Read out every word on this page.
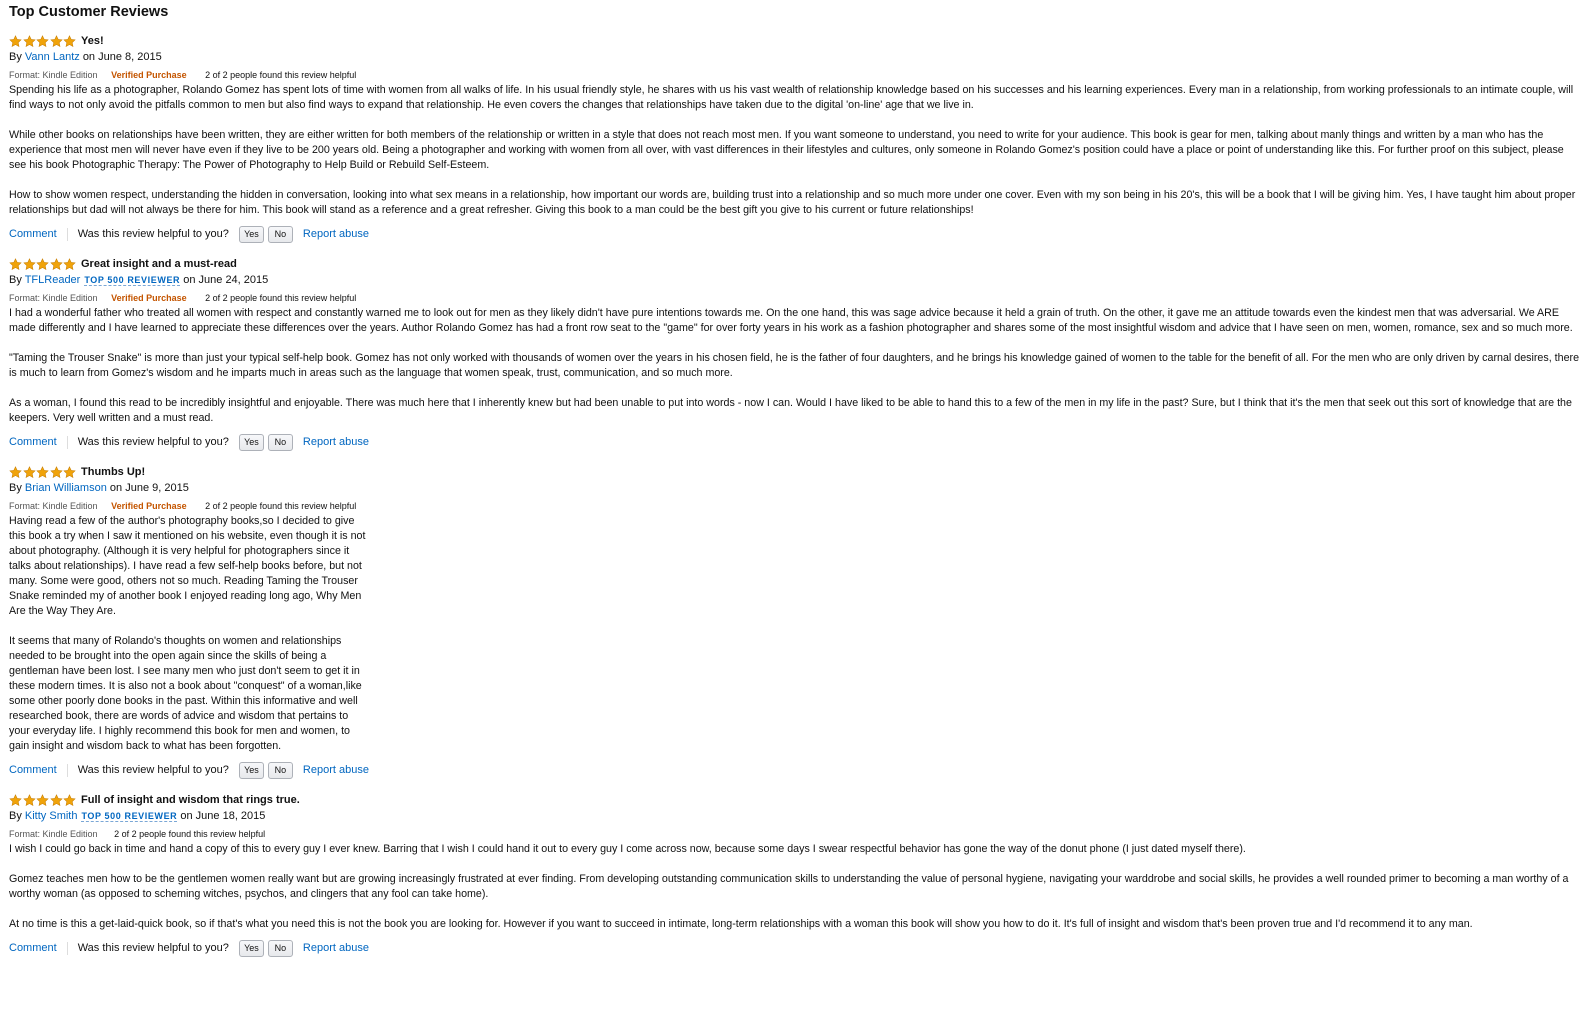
Top Customer Reviews
Yes!
By Vann Lantz on June 8, 2015
Format: Kindle Edition Verified Purchase 2 of 2 people found this review helpful

Spending his life as a photographer, Rolando Gomez has spent lots of time with women from all walks of life. In his usual friendly style, he shares with us his vast wealth of relationship knowledge based on his successes and his learning experiences. Every man in a relationship, from working professionals to an intimate couple, will find ways to not only avoid the pitfalls common to men but also find ways to expand that relationship. He even covers the changes that relationships have taken due to the digital 'on-line' age that we live in.

While other books on relationships have been written, they are either written for both members of the relationship or written in a style that does not reach most men. If you want someone to understand, you need to write for your audience. This book is gear for men, talking about manly things and written by a man who has the experience that most men will never have even if they live to be 200 years old. Being a photographer and working with women from all over, with vast differences in their lifestyles and cultures, only someone in Rolando Gomez's position could have a place or point of understanding like this. For further proof on this subject, please see his book Photographic Therapy: The Power of Photography to Help Build or Rebuild Self-Esteem.

How to show women respect, understanding the hidden in conversation, looking into what sex means in a relationship, how important our words are, building trust into a relationship and so much more under one cover. Even with my son being in his 20's, this will be a book that I will be giving him. Yes, I have taught him about proper relationships but dad will not always be there for him. This book will stand as a reference and a great refresher. Giving this book to a man could be the best gift you give to his current or future relationships!

Comment Was this review helpful to you?	Yes	No	Report abuse
Great insight and a must-read
By TFLReader TOP 500 REVIEWER on June 24, 2015
Format: Kindle Edition Verified Purchase 2 of 2 people found this review helpful

I had a wonderful father who treated all women with respect and constantly warned me to look out for men as they likely didn't have pure intentions towards me. On the one hand, this was sage advice because it held a grain of truth. On the other, it gave me an attitude towards even the kindest men that was adversarial. We ARE made differently and I have learned to appreciate these differences over the years. Author Rolando Gomez has had a front row seat to the "game" for over forty years in his work as a fashion photographer and shares some of the most insightful wisdom and advice that I have seen on men, women, romance, sex and so much more.

"Taming the Trouser Snake" is more than just your typical self-help book. Gomez has not only worked with thousands of women over the years in his chosen field, he is the father of four daughters, and he brings his knowledge gained of women to the table for the benefit of all. For the men who are only driven by carnal desires, there is much to learn from Gomez's wisdom and he imparts much in areas such as the language that women speak, trust, communication, and so much more.

As a woman, I found this read to be incredibly insightful and enjoyable. There was much here that I inherently knew but had been unable to put into words - now I can. Would I have liked to be able to hand this to a few of the men in my life in the past? Sure, but I think that it's the men that seek out this sort of knowledge that are the keepers. Very well written and a must read.

Comment Was this review helpful to you?	Yes	No	Report abuse
Thumbs Up!
By Brian Williamson on June 9, 2015
Format: Kindle Edition Verified Purchase 2 of 2 people found this review helpful

Having read a few of the author's photography books,so I decided to give this book a try when I saw it mentioned on his website, even though it is not about photography. (Although it is very helpful for photographers since it talks about relationships). I have read a few self-help books before, but not many. Some were good, others not so much. Reading Taming the Trouser Snake reminded my of another book I enjoyed reading long ago, Why Men Are the Way They Are.

It seems that many of Rolando's thoughts on women and relationships needed to be brought into the open again since the skills of being a gentleman have been lost. I see many men who just don't seem to get it in these modern times. It is also not a book about "conquest" of a woman,like some other poorly done books in the past. Within this informative and well researched book, there are words of advice and wisdom that pertains to your everyday life. I highly recommend this book for men and women, to gain insight and wisdom back to what has been forgotten.

Comment Was this review helpful to you?	Yes	No	Report abuse
Full of insight and wisdom that rings true.
By Kitty Smith TOP 500 REVIEWER on June 18, 2015
Format: Kindle Edition 2 of 2 people found this review helpful

I wish I could go back in time and hand a copy of this to every guy I ever knew. Barring that I wish I could hand it out to every guy I come across now, because some days I swear respectful behavior has gone the way of the donut phone (I just dated myself there).

Gomez teaches men how to be the gentlemen women really want but are growing increasingly frustrated at ever finding. From developing outstanding communication skills to understanding the value of personal hygiene, navigating your warddrobe and social skills, he provides a well rounded primer to becoming a man worthy of a worthy woman (as opposed to scheming witches, psychos, and clingers that any fool can take home).

At no time is this a get-laid-quick book, so if that's what you need this is not the book you are looking for. However if you want to succeed in intimate, long-term relationships with a woman this book will show you how to do it. It's full of insight and wisdom that's been proven true and I'd recommend it to any man.

Comment Was this review helpful to you?	Yes	No	Report abuse
